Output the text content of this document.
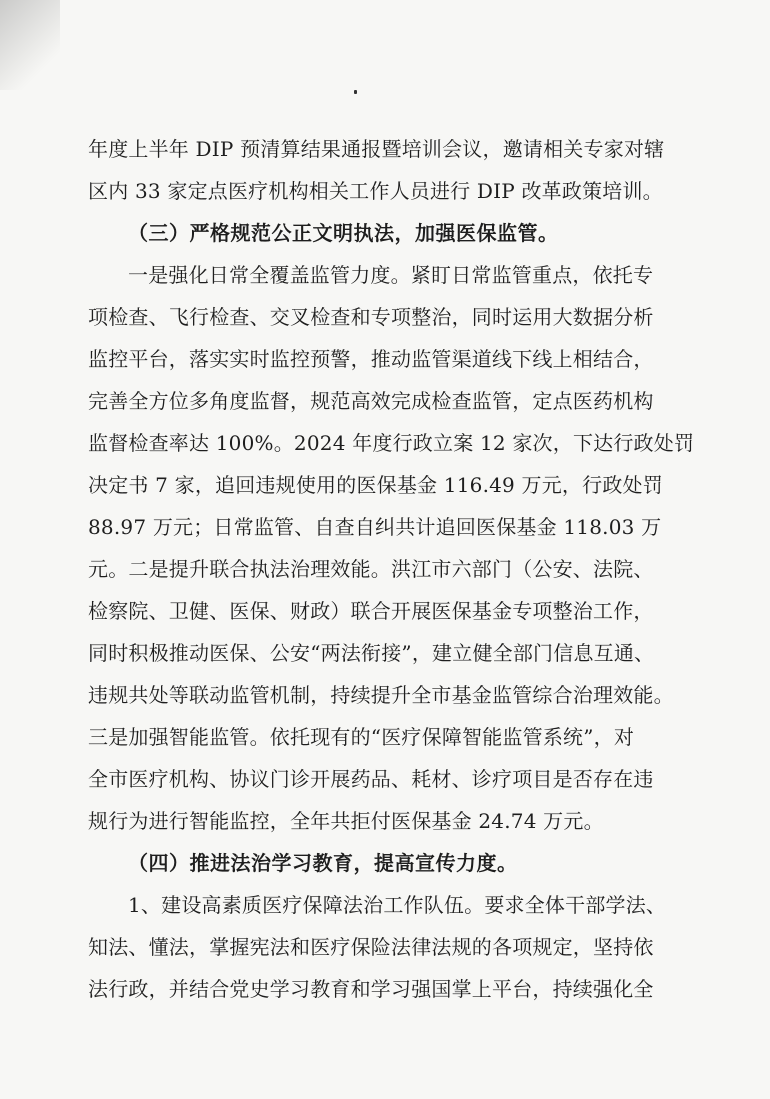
年度上半年 DIP 预清算结果通报暨培训会议，邀请相关专家对辖
区内 33 家定点医疗机构相关工作人员进行 DIP 改革政策培训。
（三）严格规范公正文明执法，加强医保监管。
一是强化日常全覆盖监管力度。紧盯日常监管重点，依托专
项检查、飞行检查、交叉检查和专项整治，同时运用大数据分析
监控平台，落实实时监控预警，推动监管渠道线下线上相结合，
完善全方位多角度监督，规范高效完成检查监管，定点医药机构
监督检查率达 100%。2024 年度行政立案 12 家次，下达行政处罚
决定书 7 家，追回违规使用的医保基金 116.49 万元，行政处罚
88.97 万元；日常监管、自查自纠共计追回医保基金 118.03 万
元。二是提升联合执法治理效能。洪江市六部门（公安、法院、
检察院、卫健、医保、财政）联合开展医保基金专项整治工作，
同时积极推动医保、公安“两法衔接”，建立健全部门信息互通、
违规共处等联动监管机制，持续提升全市基金监管综合治理效能。
三是加强智能监管。依托现有的“医疗保障智能监管系统”，对
全市医疗机构、协议门诊开展药品、耗材、诊疗项目是否存在违
规行为进行智能监控，全年共拒付医保基金 24.74 万元。
（四）推进法治学习教育，提高宣传力度。
1、建设高素质医疗保障法治工作队伍。要求全体干部学法、
知法、懂法，掌握宪法和医疗保险法律法规的各项规定，坚持依
法行政，并结合党史学习教育和学习强国掌上平台，持续强化全
